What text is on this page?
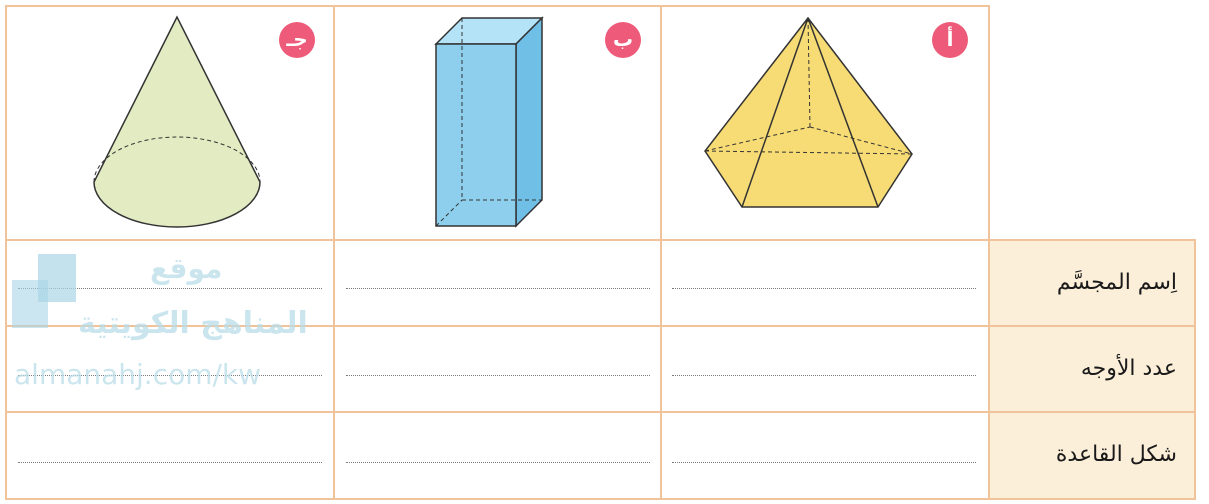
اِسم المجسَّم
عدد الأوجه
شكل القاعدة
أ
ب
جـ
موقع
المناهج الكويتية
almanahj.com/kw
